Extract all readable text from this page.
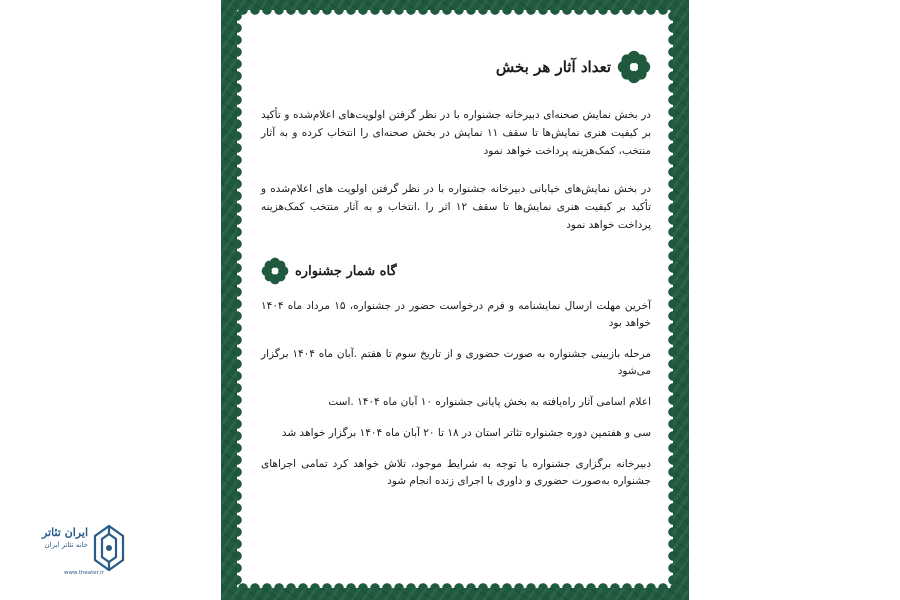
تعداد آثار هر بخش

در بخش نمایش صحنه‌ای دبیرخانه جشنواره با در نظر گرفتن اولویت‌های اعلام‌شده و تأکید بر کیفیت هنری نمایش‌ها تا سقف ۱۱ نمایش در بخش صحنه‌ای را انتخاب کرده و به آثار منتخب، کمک‌هزینه پرداخت خواهد نمود

در بخش نمایش‌های خیابانی دبیرخانه جشنواره با در نظر گرفتن اولویت های اعلام‌شده و تأکید بر کیفیت هنری نمایش‌ها تا سقف ۱۲ اثر را .انتخاب و به آثار منتخب کمک‌هزینه پرداخت خواهد نمود

گاه شمار جشنواره

آخرین مهلت ارسال نمایشنامه و فرم درخواست حضور در جشنواره، ۱۵ مرداد ماه ۱۴۰۴ خواهد بود

مرحله بازبینی جشنواره به صورت حضوری و از تاریخ سوم تا هفتم .آبان ماه ۱۴۰۴ برگزار می‌شود

اعلام اسامی آثار راه‌یافته به بخش پایانی جشنواره ۱۰ آبان ماه ۱۴۰۴ .است

سی و هفتمین دوره جشنواره تئاتر استان در ۱۸ تا ۲۰ آبان ماه ۱۴۰۴ برگزار خواهد شد

دبیرخانه برگزاری جشنواره با توجه به شرایط موجود، تلاش خواهد کرد تمامی اجراهای جشنواره به‌صورت حضوری و داوری با اجرای زنده انجام شود

ایران تئاتر
خانه تئاتر ایران
www.theater.ir
